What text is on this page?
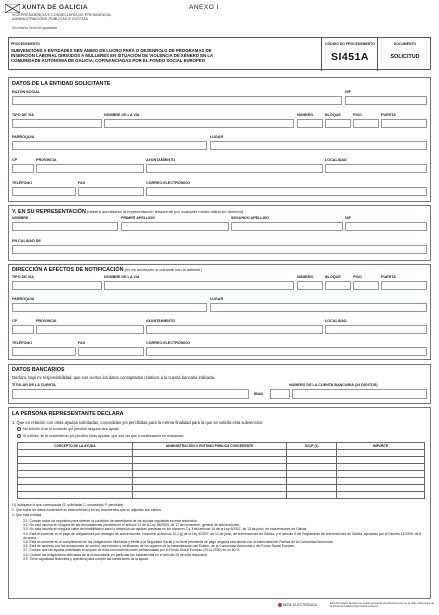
XUNTA DE GALICIA
VICEPRESIDENCIA E CONSELLERÍA DE PRESIDENCIA,
ADMINISTRACIÓNS PÚBLICAS E XUSTIZA
Secretaría Xeral da Igualdade
ANEXO I
PROCEDEMENTO
SUBVENCIÓNS A ENTIDADES SEN ÁNIMO DE LUCRO PARA O DESENROLO DE PROGRAMAS DE
INSERCIÓN LABORAL DIRIXIDOS A MULLERES EN SITUACIÓN DE VIOLENCIA DE XÉNERO EN LA
COMUNIDADE AUTÓNOMA DE GALICIA, COFINANCIADAS POR EL FONDO SOCIAL EUROPEO
CÓDIGO DO PROCEDEMENTO
SI451A
DOCUMENTO
SOLICITUD
DATOS DE LA ENTIDAD SOLICITANTE
RAZÓN SOCIAL	NIF
TIPO DE VÍA	NOMBRE DE LA VÍA	NÚMERO	BLOQUE	PISO	PUERTA
PARROQUIA	LUGAR
CP	PROVINCIA	AYUNTAMIENTO	LOCALIDAD
TELÉFONO	FAX	CORREO ELECTRÓNICO
Y, EN SU REPRESENTACIÓN (deberá acreditarse la representación fehaciente por cualquier medio válido en derecho)
NOMBRE	PRIMER APELLIDO	SEGUNDO APELLIDO	NIF
EN CALIDAD DE
DIRECCIÓN A EFECTOS DE NOTIFICACIÓN (no es necesario si coincide con la anterior)
TIPO DE VÍA	NOMBRE DE LA VÍA	NÚMERO	BLOQUE	PISO	PUERTA
PARROQUIA	LUGAR
CP	PROVINCIA	AYUNTAMIENTO	LOCALIDAD
TELÉFONO	FAX	CORREO ELECTRÓNICO
DATOS BANCARIOS
Declaro, bajo mi responsabilidad, que son ciertos los datos consignados relativos a la cuenta bancaria indicada.
TITULAR DE LA CUENTA	NÚMERO DE LA CUENTA BANCARIA (24 DÍGITOS)
IBAN
LA PERSONA REPRESENTANTE DECLARA
1. Que en relación con otras ayudas solicitadas, concedidas y/o percibidas para la misma finalidad para la que se solicita esta subvención:
No solicitó ni se le concedió y/o percibió ninguna otra ayuda.
Sí solicitó, se le concedieron y/o percibió otras ayudas, que son las que a continuación se relacionan:
CONCEPTO DE LA AYUDA	ADMINISTRACIÓN O ENTIDAD PÚBLICA CONCEDENTE	S/C/P (1)	IMPORTE

(1) Indíquese lo que corresponda (S: solicitada/ C: concedida/ P: percibida)
2. Que todos los datos contenidos en esta solicitud y en los documentos que se adjuntan son ciertos.
3. Que esta entidad:
3.1. Cumple todos los requisitos para obtener la condición de beneficiaria de las ayudas reguladas en esta resolución.
3.2. No está incursa en ninguna de las circunstancias previstas en el artículo 13 de la Ley 38/2003, de 17 de noviembre, general de subvenciones.
3.3. No está incursa en ninguna clase de inhabilitación para la obtención de ayudas previstas en los números 2 y 3 del artículo 10 de la Ley 9/2007, de 13 de junio, de subvenciones de Galicia.
3.4. Está al corriente en el pago de obligaciones por reintegro de subvenciones, conforme al artículo 10.2.g) de la Ley 9/2007, de 13 de junio, de subvenciones de Galicia, y el artículo 9 del Reglamento de subvenciones de Galicia, aprobado por el Decreto 11/2009, de 8 de enero.
3.5. Está al corriente en el cumplimiento de las obligaciones tributarias y frente a la Seguridad Social y no tiene pendiente de pago ninguna otra deuda con la Administración Pública de la Comunidad Autónoma.
3.6. Está de acuerdo con las actuaciones de control, supervisión y verificación de los órganos de la Administración del Estado, de la Comunidad Autónoma y del Fondo Social Europeo.
3.7. Conoce que las ayudas solicitadas al amparo de esta convocatoria están cofinanciadas por el Fondo Social Europeo (2014-2020) en un 80 %.
3.8. Conoce las obligaciones derivadas de la convocatoria, en particular las establecidas en el artículo 20 de esta resolución.
3.9. Tiene capacidad financiera y operativa para cumplir las condiciones de la ayuda.
SEDE ELECTRÓNICA	Esta formulario también se puede presentar electrónicamente en la sede electrónica de la Xunta de Galicia https://sede.xunta.es
